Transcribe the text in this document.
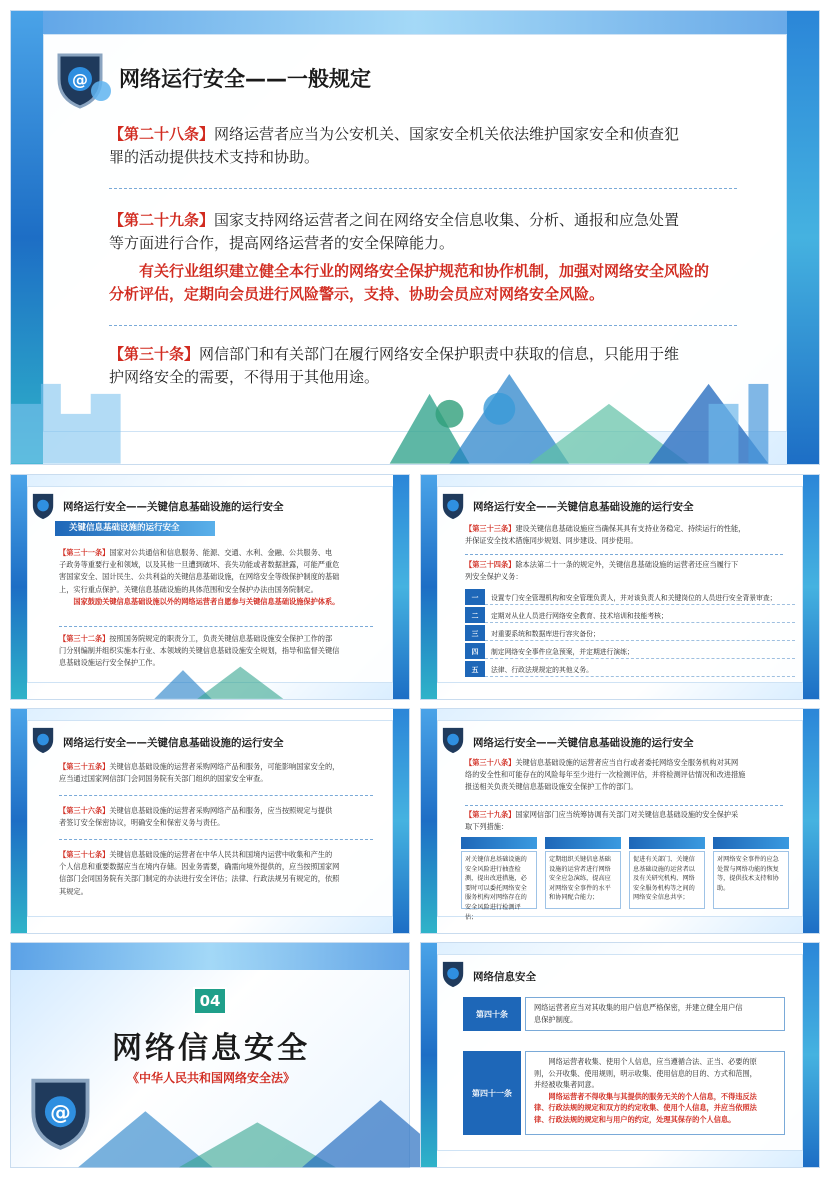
@ 网络运行安全——一般规定
【第二十八条】网络运营者应当为公安机关、国家安全机关依法维护国家安全和侦查犯
罪的活动提供技术支持和协助。
【第二十九条】国家支持网络运营者之间在网络安全信息收集、分析、通报和应急处置
等方面进行合作，提高网络运营者的安全保障能力。
有关行业组织建立健全本行业的网络安全保护规范和协作机制，加强对网络安全风险的
分析评估，定期向会员进行风险警示，支持、协助会员应对网络安全风险。
【第三十条】网信部门和有关部门在履行网络安全保护职责中获取的信息，只能用于维
护网络安全的需要，不得用于其他用途。
网络运行安全——关键信息基础设施的运行安全
关键信息基础设施的运行安全
【第三十一条】国家对公共通信和信息服务、能源、交通、水利、金融、公共服务、电
子政务等重要行业和领域，以及其他一旦遭到破坏、丧失功能或者数据泄露，可能严重危
害国家安全、国计民生、公共利益的关键信息基础设施，在网络安全等级保护制度的基础
上，实行重点保护。关键信息基础设施的具体范围和安全保护办法由国务院制定。
国家鼓励关键信息基础设施以外的网络运营者自愿参与关键信息基础设施保护体系。
【第三十二条】按照国务院规定的职责分工，负责关键信息基础设施安全保护工作的部
门分别编制并组织实施本行业、本领域的关键信息基础设施安全规划，指导和监督关键信
息基础设施运行安全保护工作。
网络运行安全——关键信息基础设施的运行安全
【第三十三条】建设关键信息基础设施应当确保其具有支持业务稳定、持续运行的性能，
并保证安全技术措施同步规划、同步建设、同步使用。
【第三十四条】除本法第二十一条的规定外，关键信息基础设施的运营者还应当履行下
列安全保护义务：
一	设置专门安全管理机构和安全管理负责人，并对该负责人和关键岗位的人员进行安全背景审查；
二	定期对从业人员进行网络安全教育、技术培训和技能考核；
三	对重要系统和数据库进行容灾备份；
四	制定网络安全事件应急预案，并定期进行演练；
五	法律、行政法规规定的其他义务。
网络运行安全——关键信息基础设施的运行安全
【第三十五条】关键信息基础设施的运营者采购网络产品和服务，可能影响国家安全的，
应当通过国家网信部门会同国务院有关部门组织的国家安全审查。
【第三十六条】关键信息基础设施的运营者采购网络产品和服务，应当按照规定与提供
者签订安全保密协议，明确安全和保密义务与责任。
【第三十七条】关键信息基础设施的运营者在中华人民共和国境内运营中收集和产生的
个人信息和重要数据应当在境内存储。因业务需要，确需向境外提供的，应当按照国家网
信部门会同国务院有关部门制定的办法进行安全评估；法律、行政法规另有规定的，依照
其规定。
网络运行安全——关键信息基础设施的运行安全
【第三十八条】关键信息基础设施的运营者应当自行或者委托网络安全服务机构对其网
络的安全性和可能存在的风险每年至少进行一次检测评估，并将检测评估情况和改进措施
报送相关负责关键信息基础设施安全保护工作的部门。
【第三十九条】国家网信部门应当统筹协调有关部门对关键信息基础设施的安全保护采
取下列措施：
对关键信息基础设施的安全风险进行抽查检测，提出改进措施，必要时可以委托网络安全服务机构对网络存在的安全风险进行检测评估；
定期组织关键信息基础设施的运营者进行网络安全应急演练，提高应对网络安全事件的水平和协同配合能力；
促进有关部门、关键信息基础设施的运营者以及有关研究机构、网络安全服务机构等之间的网络安全信息共享；
对网络安全事件的应急处置与网络功能的恢复等，提供技术支持和协助。
04
网络信息安全
《中华人民共和国网络安全法》
@
网络信息安全
第四十条
网络运营者应当对其收集的用户信息严格保密，并建立健全用户信
息保护制度。
第四十一条
网络运营者收集、使用个人信息，应当遵循合法、正当、必要的原
则，公开收集、使用规则，明示收集、使用信息的目的、方式和范围，
并经被收集者同意。
网络运营者不得收集与其提供的服务无关的个人信息，不得违反法
律、行政法规的规定和双方的约定收集、使用个人信息，并应当依照法
律、行政法规的规定和与用户的约定，处理其保存的个人信息。
